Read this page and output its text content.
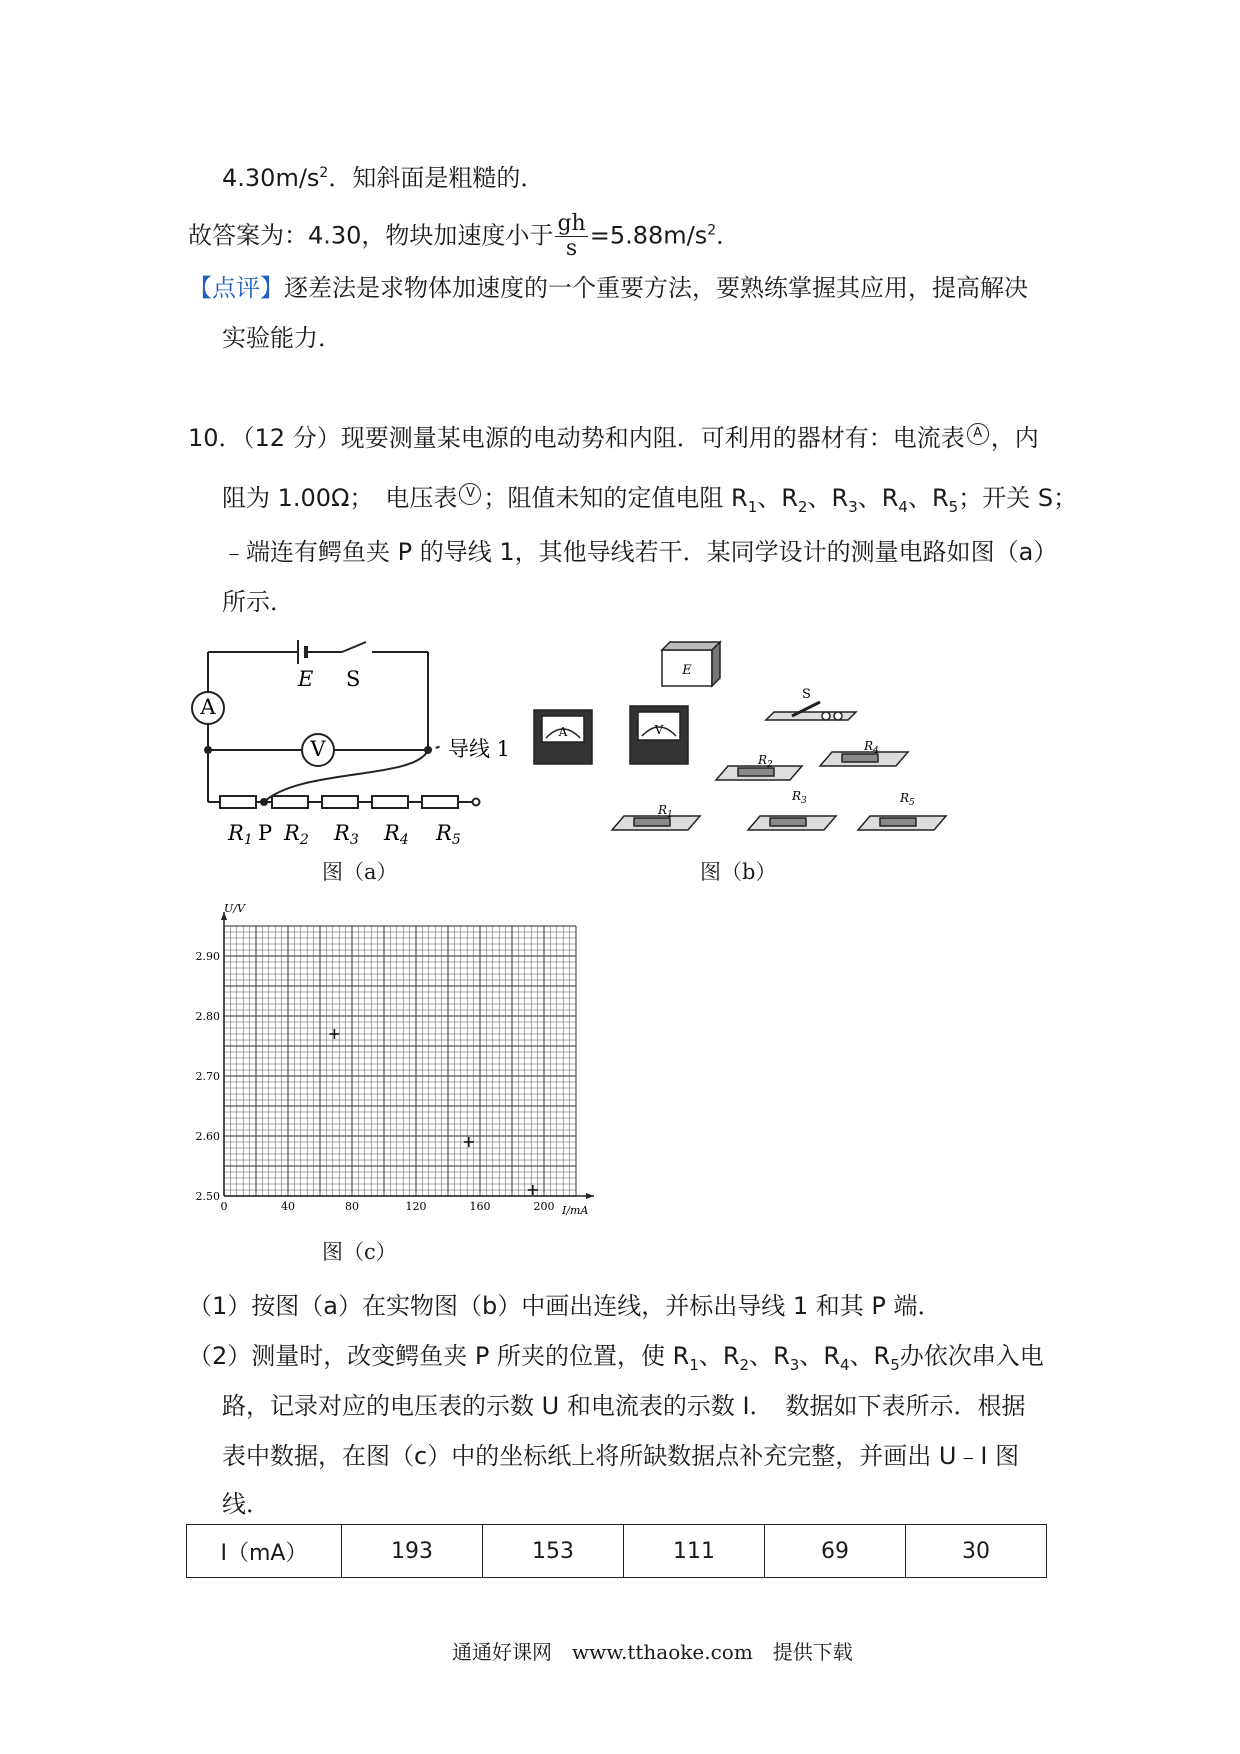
$4.30m/s^2$．知斜面是粗糙的．
故答案为：4.30，物块加速度小于 $\frac{gh}{s} =5.88m/s^2$．
【点评】逐差法是求物体加速度的一个重要方法，要熟练掌握其应用，提高解决
实验能力．
10．（12 分）现要测量某电源的电动势和内阻．可利用的器材有：电流表 A ，内
阻为 1.00Ω；　电压表 V ；阻值未知的定值电阻 $R_1$、$R_2$、$R_3$、$R_4$、$R_5$；开关 S；
﹣端连有鳄鱼夹 P 的导线 1，其他导线若干．某同学设计的测量电路如图（a）
所示．
A
V
E S
导线 1
P
R1 R2 R3 R4 R5
图（a）
E
S
A	V
$R_2$
$R_4$
$R_1$
$R_3$	$R_5$
图（b）
0	40	80	120	160	200
2.50
2.60
2.70
2.80
2.90
U/V
I/mA
图（c）
（1）按图（a）在实物图（b）中画出连线，并标出导线 1 和其 P 端．
（2）测量时，改变鳄鱼夹 P 所夹的位置，使 $R_1$、$R_2$、$R_3$、$R_4$、$R_5$办依次串入电
路，记录对应的电压表的示数 U 和电流表的示数 I．　数据如下表所示．根据
表中数据，在图（c）中的坐标纸上将所缺数据点补充完整，并画出 U﹣I 图
线．
I（mA）	193	153	111	69	30
通通好课网　www.tthaoke.com　提供下载
